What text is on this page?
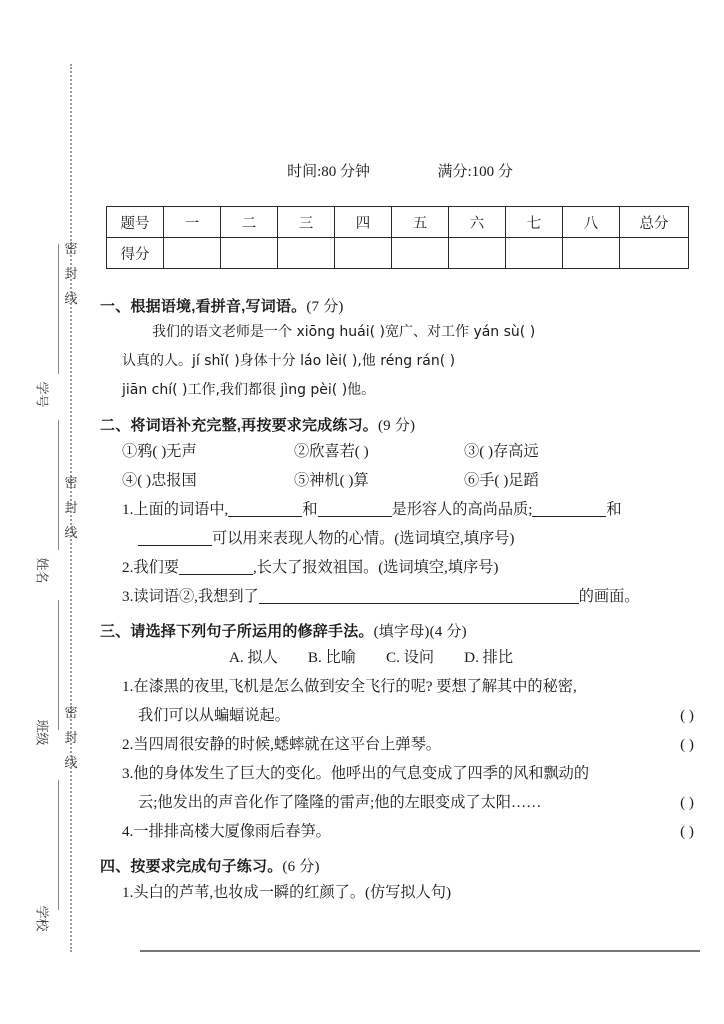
密
封
线
密
封
线
密
封
线
学号
姓名
班级
学校
时间:80 分钟	满分:100 分
题号	一	二	三	四	五	六	七	八	总分
得分									
一、根据语境,看拼音,写词语。(7 分)
我们的语文老师是一个 xiōng huái( )宽广、对工作 yán sù( )
认真的人。jí shǐ( )身体十分 láo lèi( ),他 réng rán( )
jiān chí( )工作,我们都很 jìng pèi( )他。
二、将词语补充完整,再按要求完成练习。(9 分)
①鸦( )无声	②欣喜若( )	③( )存高远
④( )忠报国	⑤神机( )算	⑥手( )足蹈
1.上面的词语中,	和	是形容人的高尚品质;	和
可以用来表现人物的心情。(选词填空,填序号)
2.我们要	,长大了报效祖国。(选词填空,填序号)
3.读词语②,我想到了	的画面。
三、请选择下列句子所运用的修辞手法。(填字母)(4 分)
A. 拟人 B. 比喻 C. 设问 D. 排比
1.在漆黑的夜里,飞机是怎么做到安全飞行的呢? 要想了解其中的秘密,
我们可以从蝙蝠说起。	( )
2.当四周很安静的时候,蟋蟀就在这平台上弹琴。	( )
3.他的身体发生了巨大的变化。他呼出的气息变成了四季的风和飘动的
云;他发出的声音化作了隆隆的雷声;他的左眼变成了太阳……	( )
4.一排排高楼大厦像雨后春笋。	( )
四、按要求完成句子练习。(6 分)
1.头白的芦苇,也妆成一瞬的红颜了。(仿写拟人句)
